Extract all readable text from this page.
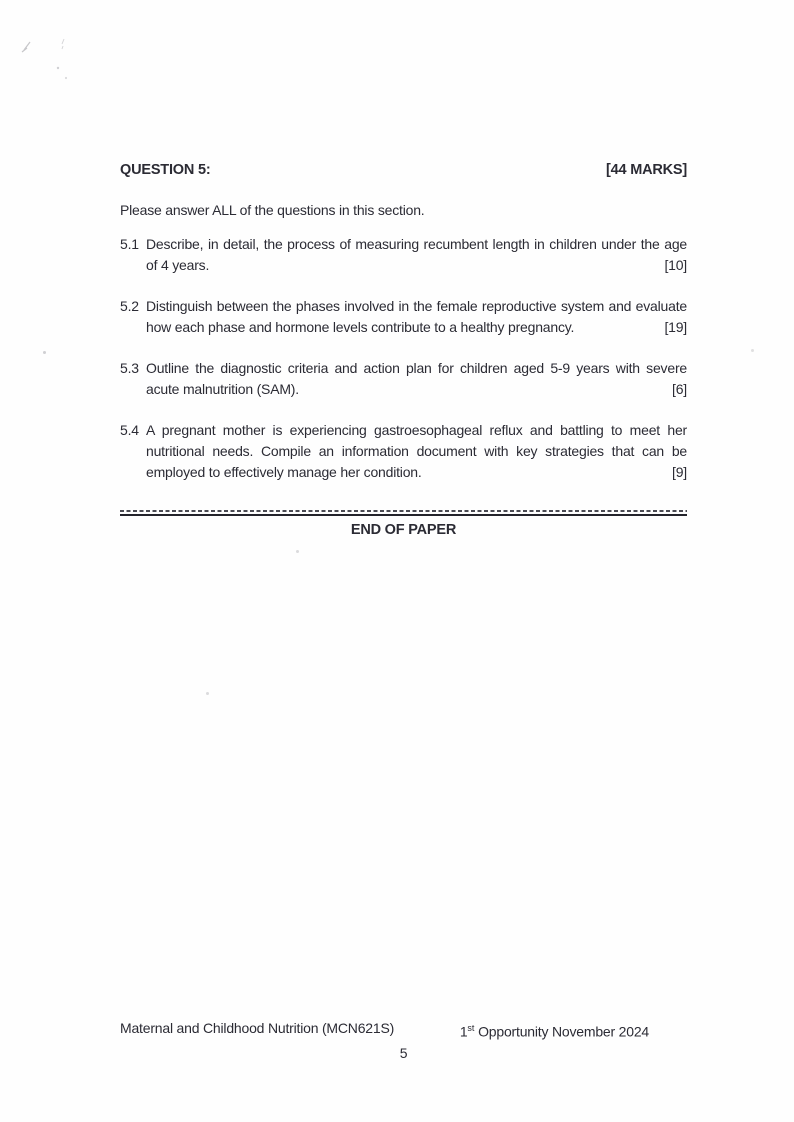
QUESTION 5:	[44 MARKS]
Please answer ALL of the questions in this section.
5.1 Describe, in detail, the process of measuring recumbent length in children under the age of 4 years.	[10]
5.2 Distinguish between the phases involved in the female reproductive system and evaluate how each phase and hormone levels contribute to a healthy pregnancy.	[19]
5.3 Outline the diagnostic criteria and action plan for children aged 5-9 years with severe acute malnutrition (SAM).	[6]
5.4 A pregnant mother is experiencing gastroesophageal reflux and battling to meet her nutritional needs. Compile an information document with key strategies that can be employed to effectively manage her condition.	[9]
END OF PAPER
Maternal and Childhood Nutrition (MCN621S)	1st Opportunity November 2024
5
